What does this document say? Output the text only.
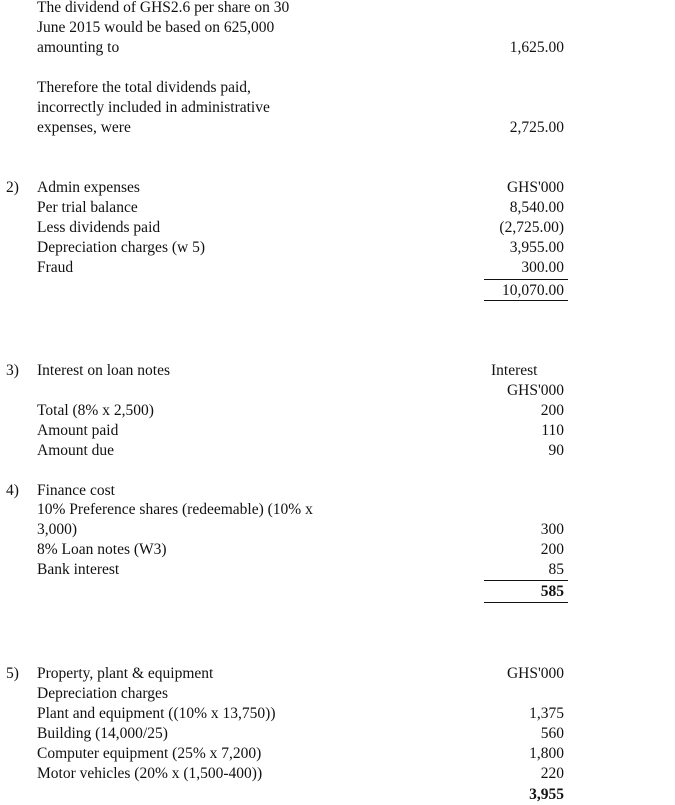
The dividend of GHS2.6 per share on 30
June 2015 would be based on 625,000
amounting to	1,625.00
Therefore the total dividends paid,
incorrectly included in administrative
expenses, were	2,725.00
2) Admin expenses	GHS'000
Per trial balance	8,540.00
Less dividends paid	(2,725.00)
Depreciation charges (w 5)	3,955.00
Fraud	300.00
10,070.00
3) Interest on loan notes	Interest
GHS'000
Total (8% x 2,500)	200
Amount paid	110
Amount due	90
4) Finance cost
10% Preference shares (redeemable) (10% x
3,000)	300
8% Loan notes (W3)	200
Bank interest	85
585
5) Property, plant & equipment	GHS'000
Depreciation charges
Plant and equipment ((10% x 13,750))	1,375
Building (14,000/25)	560
Computer equipment (25% x 7,200)	1,800
Motor vehicles (20% x (1,500-400))	220
3,955
